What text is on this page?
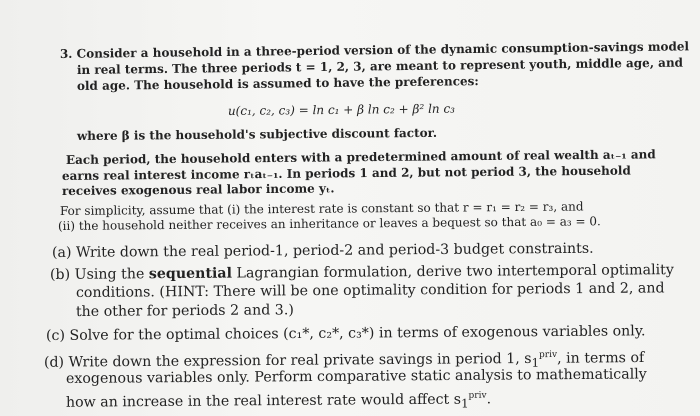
3. Consider a household in a three-period version of the dynamic consumption-savings model
in real terms. The three periods t = 1, 2, 3, are meant to represent youth, middle age, and
old age. The household is assumed to have the preferences:
u(c₁, c₂, c₃) = ln c₁ + β ln c₂ + β² ln c₃
where β is the household's subjective discount factor.
Each period, the household enters with a predetermined amount of real wealth aₜ₋₁ and
earns real interest income rₜaₜ₋₁. In periods 1 and 2, but not period 3, the household
receives exogenous real labor income yₜ.
For simplicity, assume that (i) the interest rate is constant so that r = r₁ = r₂ = r₃, and
(ii) the household neither receives an inheritance or leaves a bequest so that a₀ = a₃ = 0.
(a) Write down the real period-1, period-2 and period-3 budget constraints.
(b) Using the sequential Lagrangian formulation, derive two intertemporal optimality
conditions. (HINT: There will be one optimality condition for periods 1 and 2, and
the other for periods 2 and 3.)
(c) Solve for the optimal choices (c₁*, c₂*, c₃*) in terms of exogenous variables only.
(d) Write down the expression for real private savings in period 1, $s_1^{priv}$, in terms of
exogenous variables only. Perform comparative static analysis to mathematically
how an increase in the real interest rate would affect $s_1^{priv}$.
